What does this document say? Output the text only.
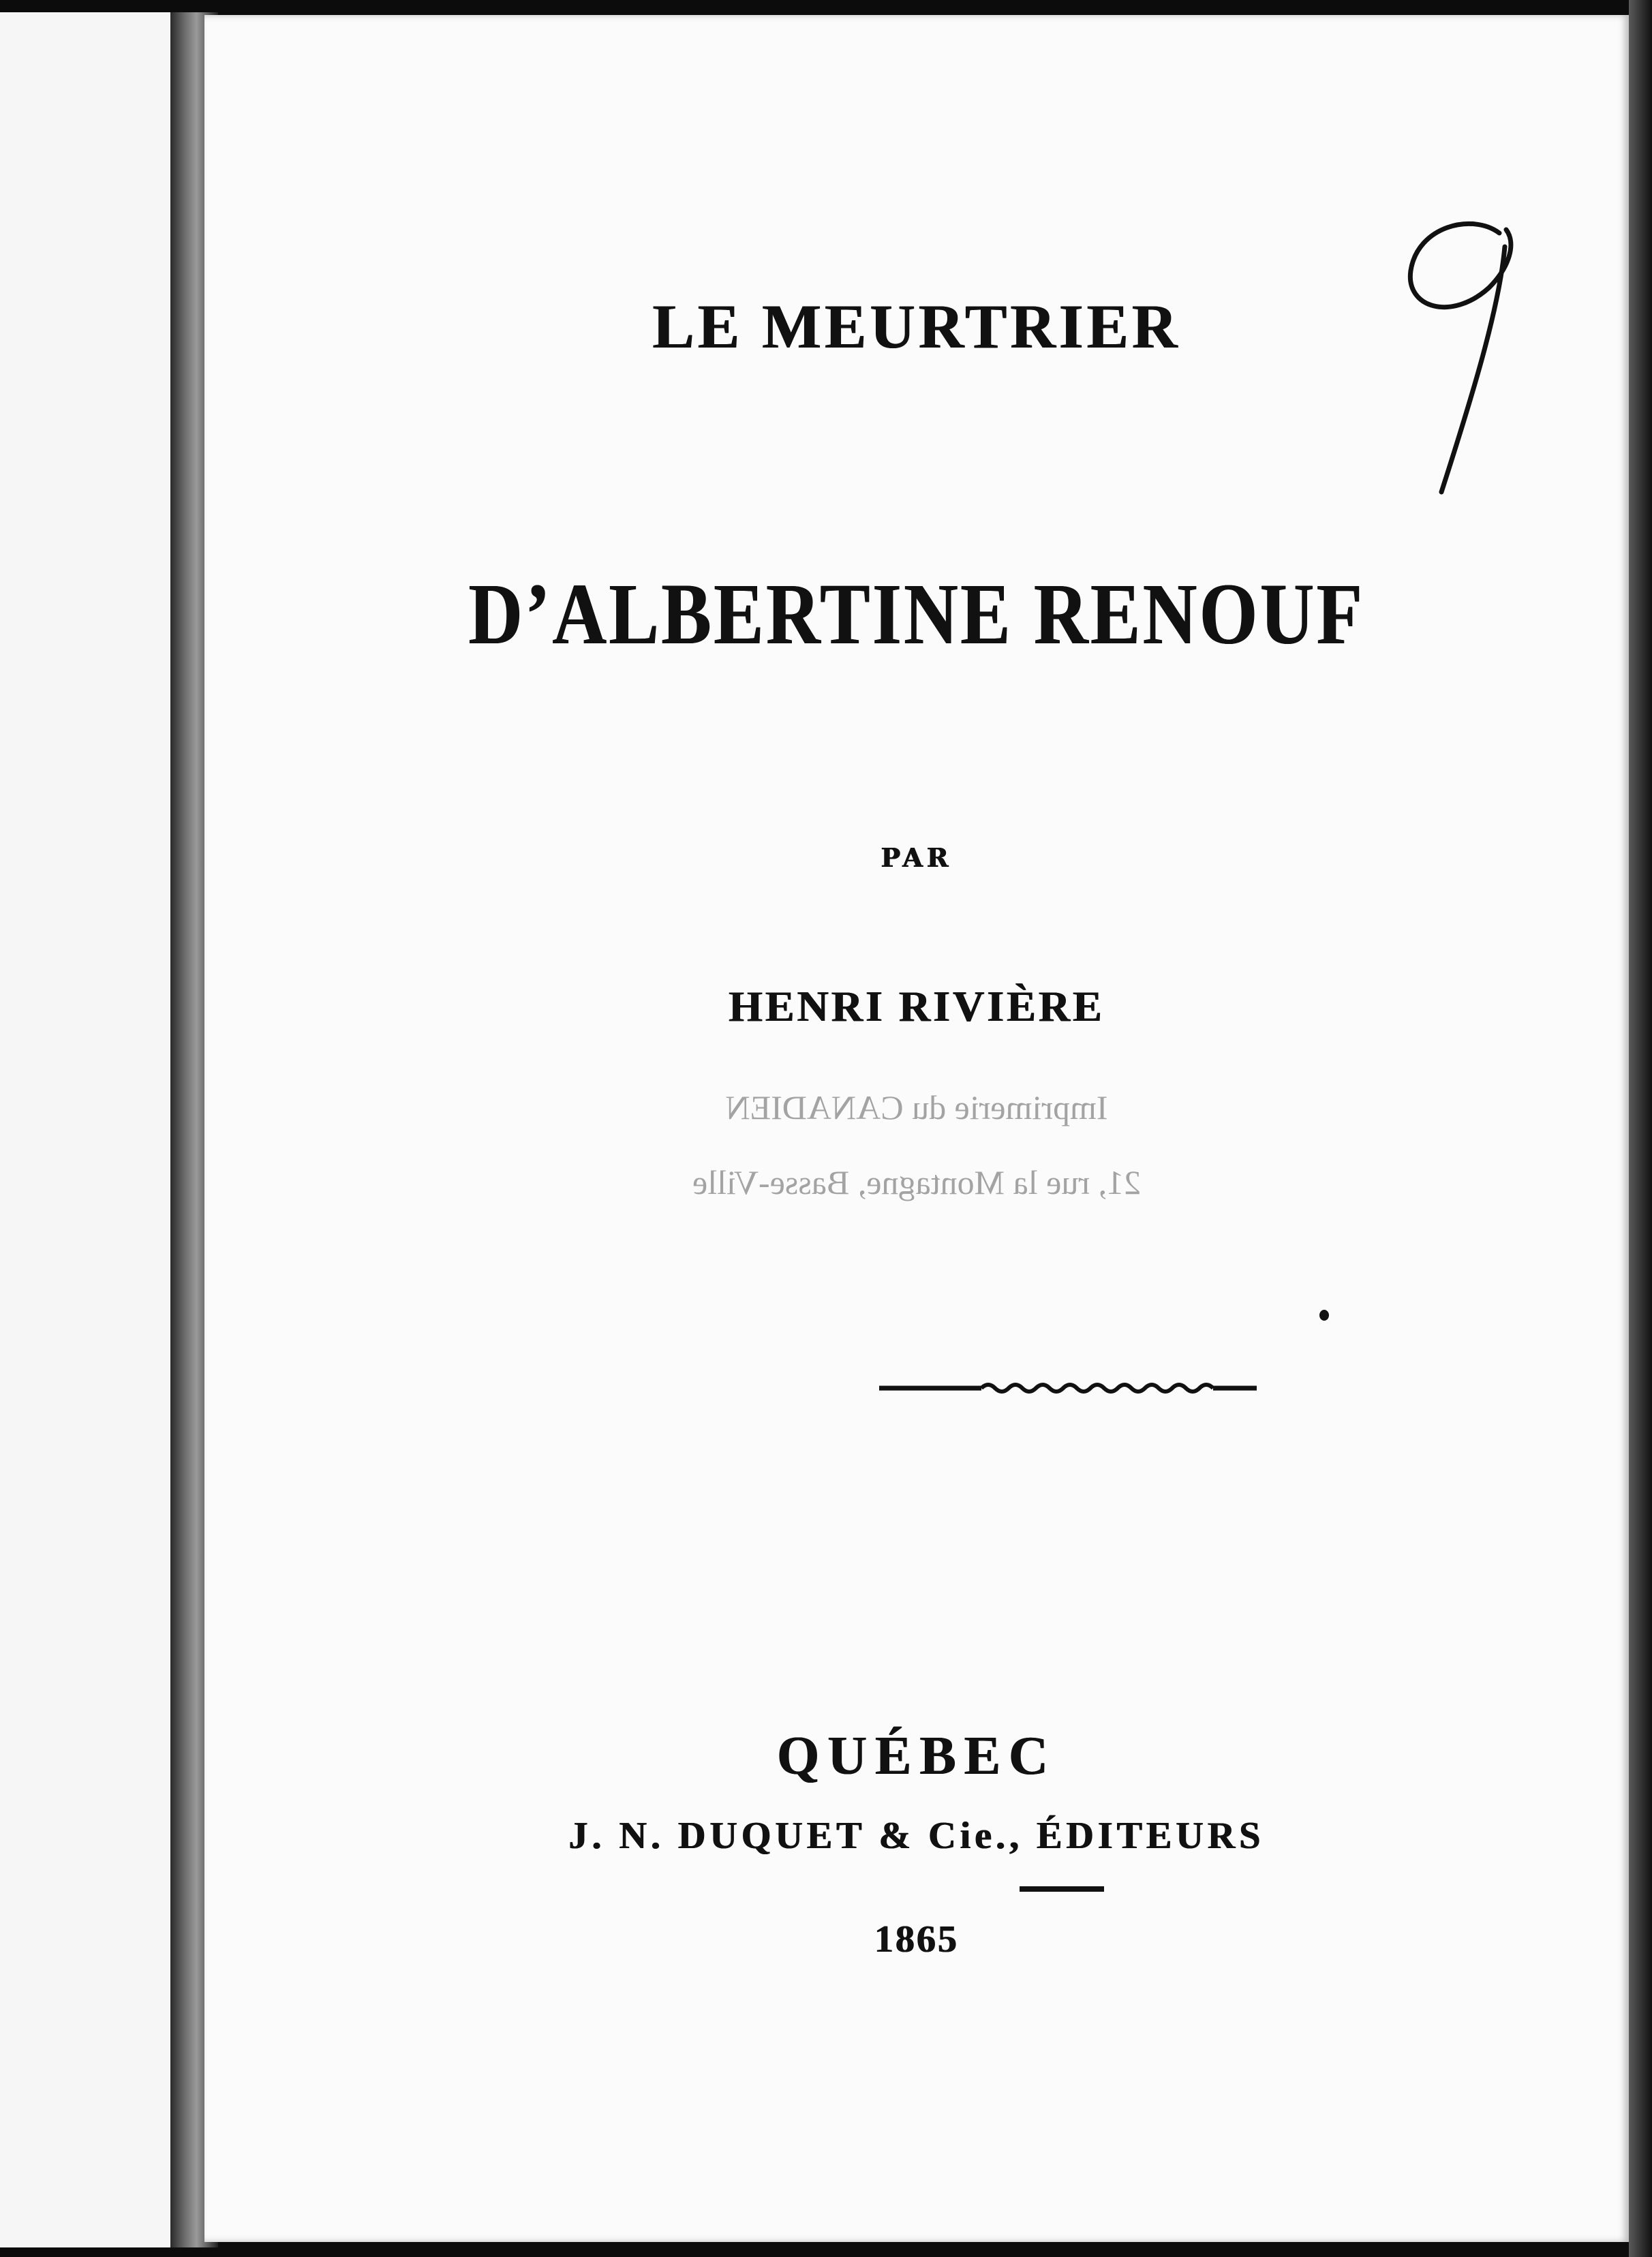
LE MEURTRIER
D’ALBERTINE RENOUF

PAR

HENRI RIVIÈRE

Imprimerie du CANADIEN

21, rue la Montagne, Basse-Ville

QUÉBEC

J. N. DUQUET & Cie., ÉDITEURS

1865
